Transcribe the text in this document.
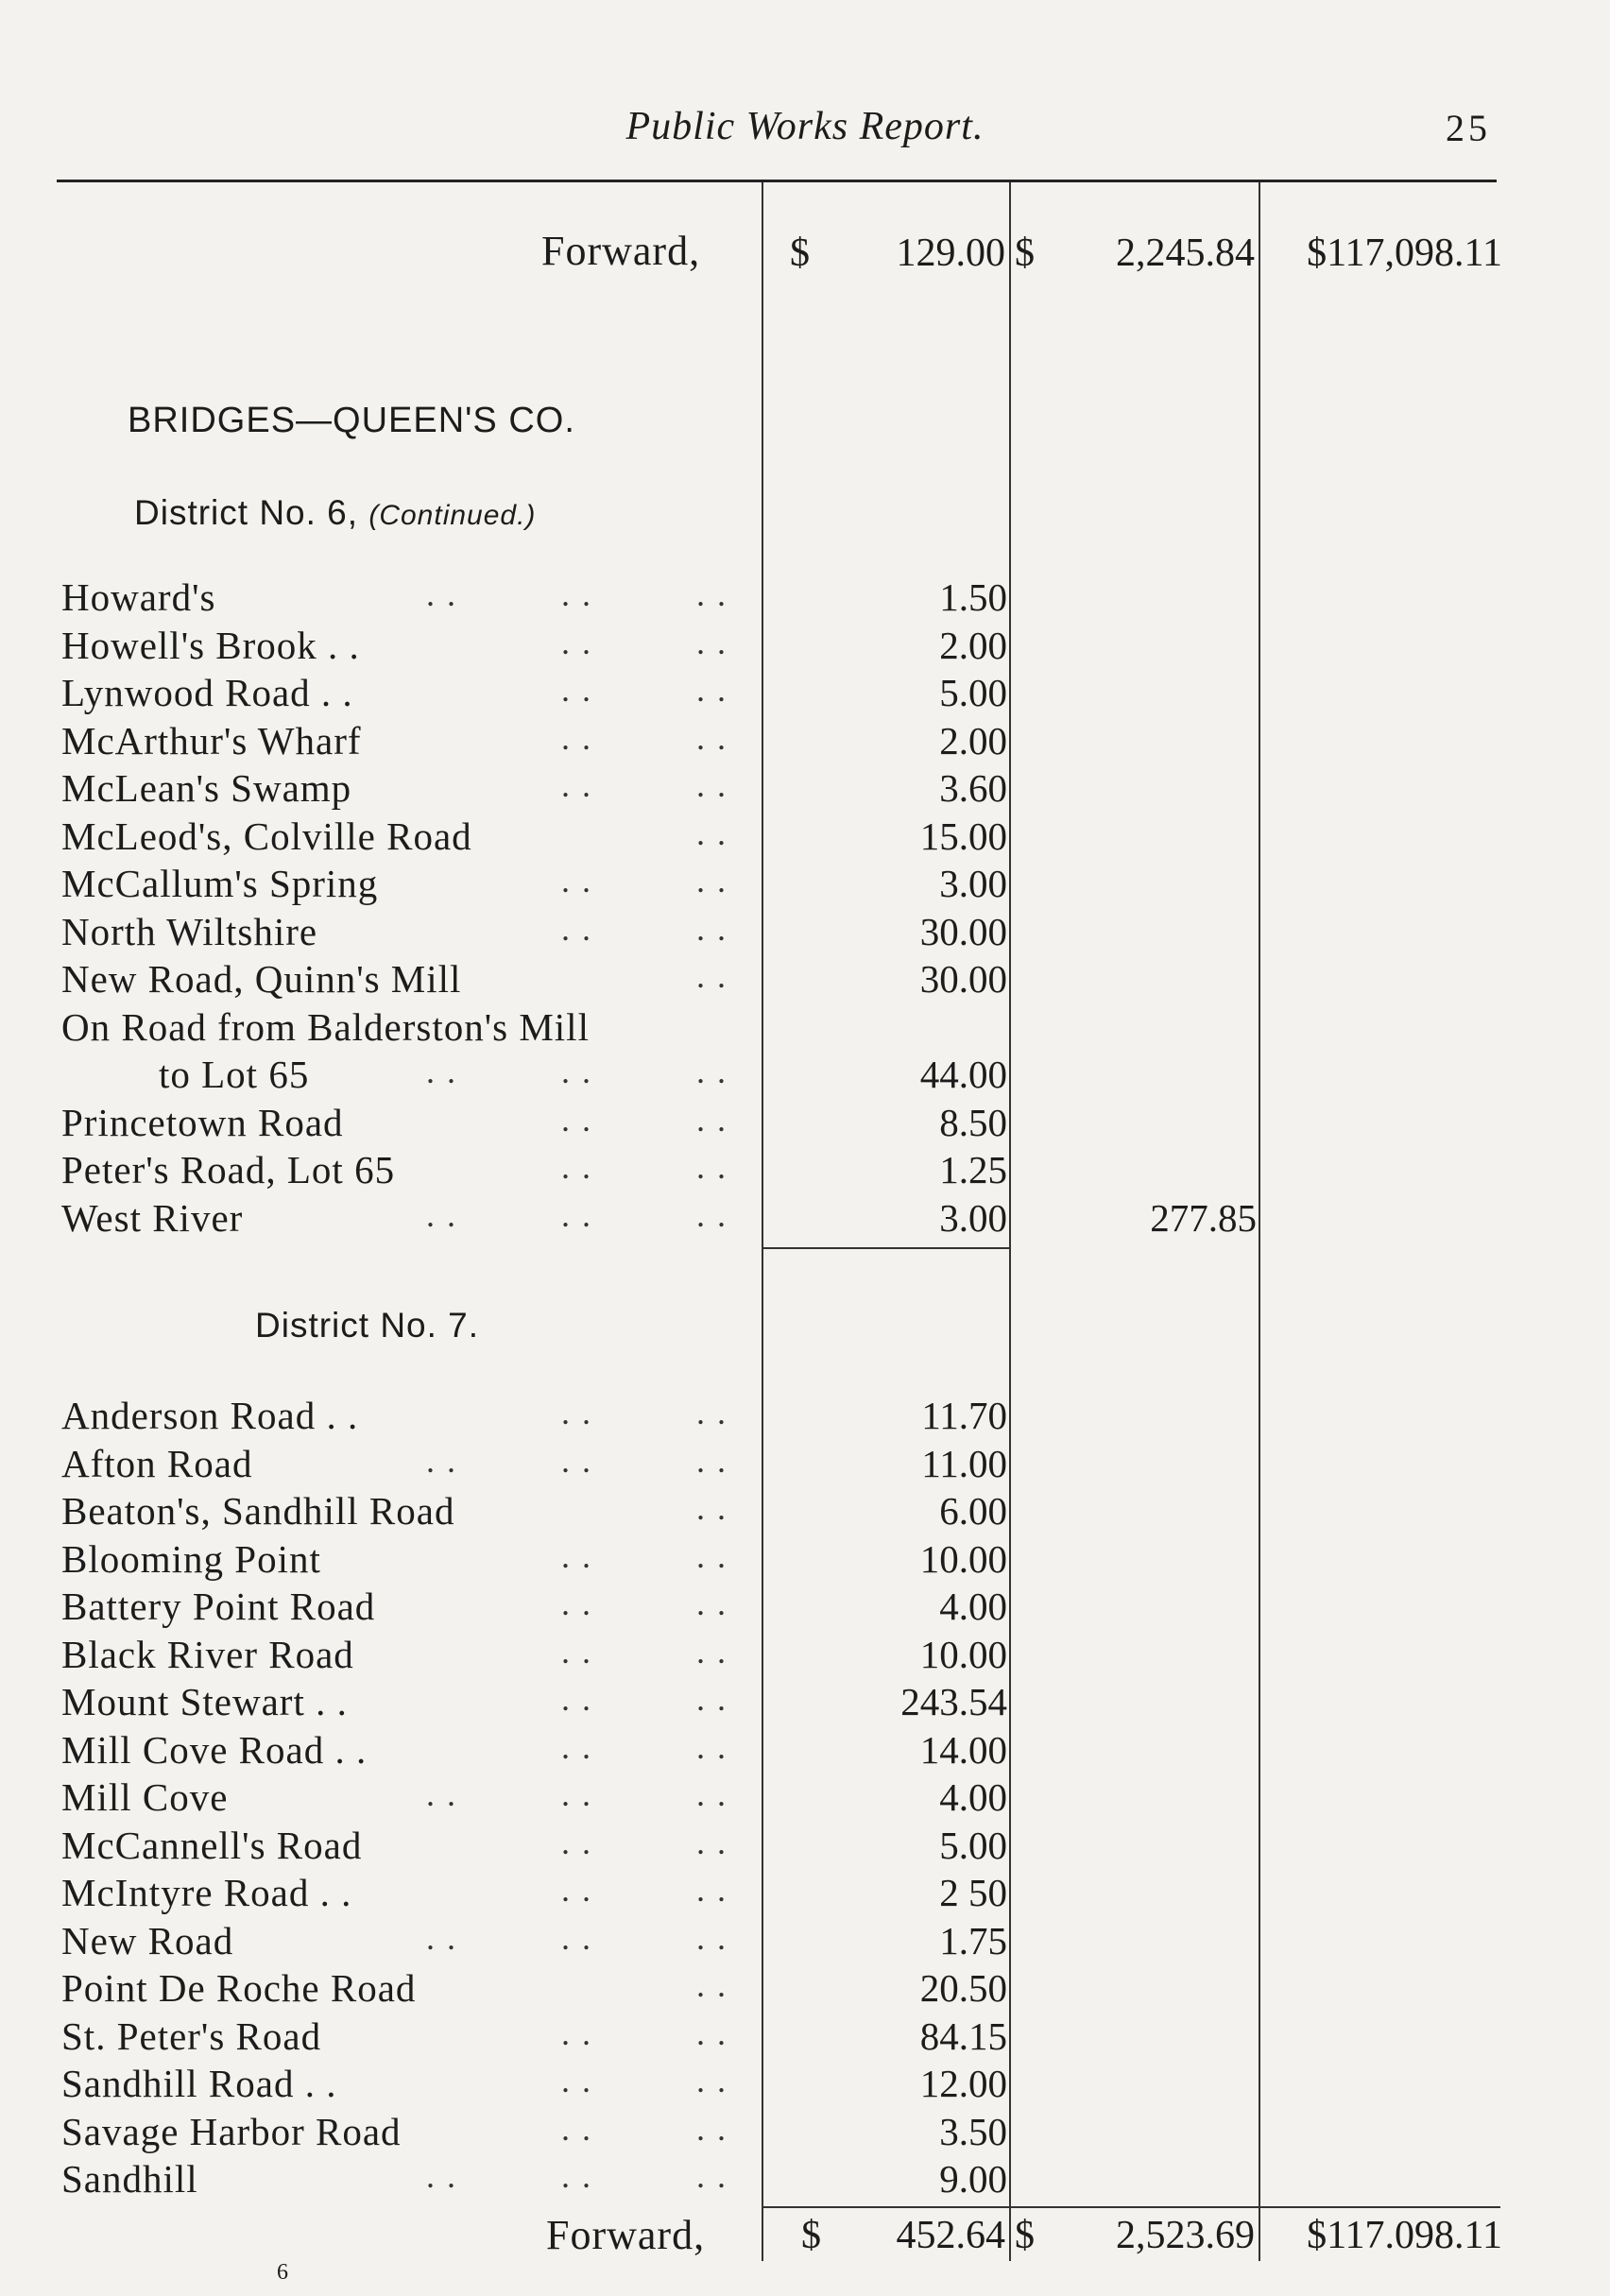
Public Works Report.	25
Forward, $ 129.00 $ 2,245.84 $117,098.11
BRIDGES—QUEEN'S CO.
District No. 6, (Continued.)
Howard's	. .          . .          . .	1.50
Howell's Brook . .	. .          . .	2.00
Lynwood Road . .	. .          . .	5.00
McArthur's Wharf	. .          . .	2.00
McLean's Swamp	. .          . .	3.60
McLeod's, Colville Road	. .	15.00
McCallum's Spring	. .          . .	3.00
North Wiltshire	. .          . .	30.00
New Road, Quinn's Mill	. .	30.00
On Road from Balderston's Mill
to Lot 65	. .          . .          . .	44.00
Princetown Road	. .          . .	8.50
Peter's Road, Lot 65	. .          . .	1.25
West River	. .          . .          . .	3.00	277.85
District No. 7.
Anderson Road . .	. .          . .	11.70
Afton Road	. .          . .          . .	11.00
Beaton's, Sandhill Road	. .	6.00
Blooming Point	. .          . .	10.00
Battery Point Road	. .          . .	4.00
Black River Road	. .          . .	10.00
Mount Stewart . .	. .          . .	243.54
Mill Cove Road . .	. .          . .	14.00
Mill Cove	. .          . .          . .	4.00
McCannell's Road	. .          . .	5.00
McIntyre Road . .	. .          . .	2 50
New Road	. .          . .          . .	1.75
Point De Roche Road	. .	20.50
St. Peter's Road	. .          . .	84.15
Sandhill Road . .	. .          . .	12.00
Savage Harbor Road	. .          . .	3.50
Sandhill	. .          . .          . .	9.00
Forward, $ 452.64 $ 2,523.69 $117.098.11
6
